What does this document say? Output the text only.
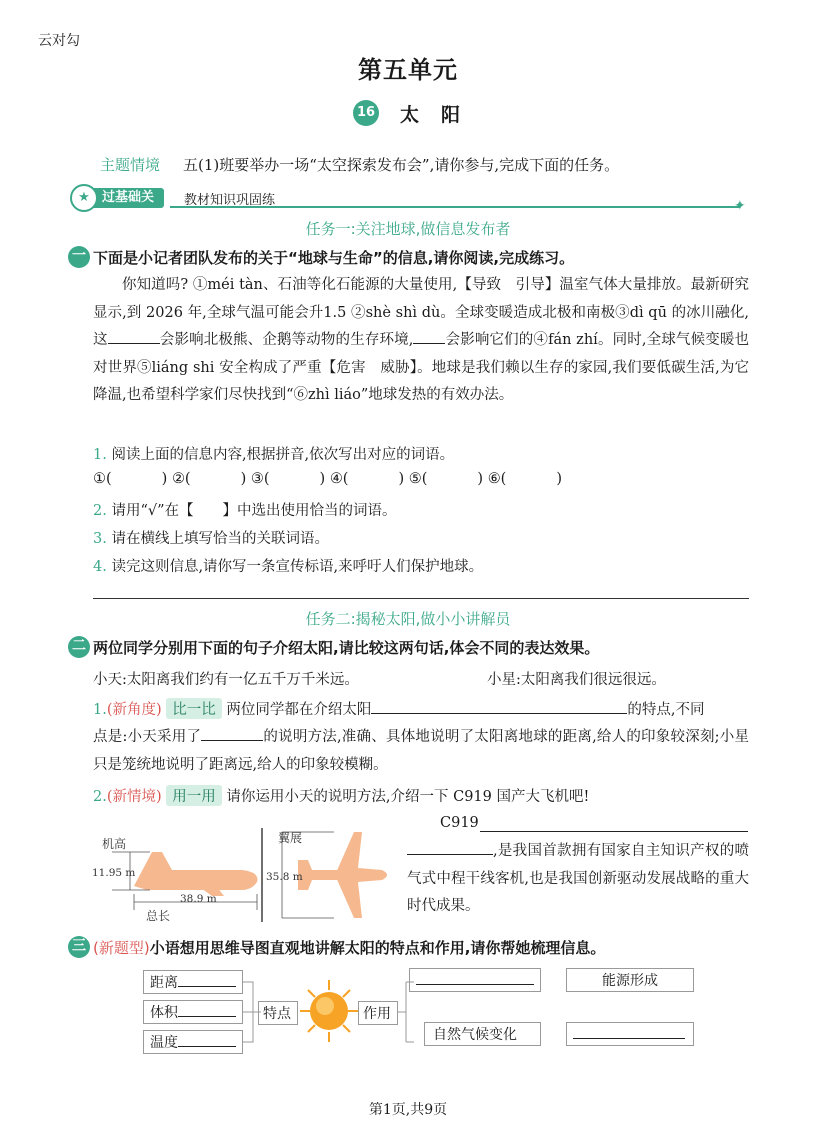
云对勾
第五单元
16 太阳
主题情境 五(1)班要举办一场“太空探索发布会”,请你参与,完成下面的任务。
过基础关
★	教材知识巩固练	✦
任务一:关注地球,做信息发布者
一 下面是小记者团队发布的关于“地球与生命”的信息,请你阅读,完成练习。

你知道吗? ①méi tàn、石油等化石能源的大量使用,【导致　引导】温室气体大量排放。最新研究显示,到 2026 年,全球气温可能会升1.5 ②shè shì dù。全球变暖造成北极和南极③dì qū 的冰川融化,这	会影响北极熊、企鹅等动物的生存环境, 会影响它们的④fán zhí。同时,全球气候变暖也对世界⑤liáng shi 安全构成了严重【危害　威胁】。地球是我们赖以生存的家园,我们要低碳生活,为它降温,也希望科学家们尽快找到“⑥zhì liáo”地球发热的有效办法。

1. 阅读上面的信息内容,根据拼音,依次写出对应的词语。
①(	) ②(	) ③(	) ④(	) ⑤(	) ⑥(	)
2. 请用“√”在【　　】中选出使用恰当的词语。
3. 请在横线上填写恰当的关联词语。
4. 读完这则信息,请你写一条宣传标语,来呼吁人们保护地球。
任务二:揭秘太阳,做小小讲解员
二 两位同学分别用下面的句子介绍太阳,请比较这两句话,体会不同的表达效果。
小天:太阳离我们约有一亿五千万千米远。	小星:太阳离我们很远很远。
1.(新角度) 比一比 两位同学都在介绍太阳	的特点,不同

点是:小天采用了	的说明方法,准确、具体地说明了太阳离地球的距离,给人的印象较深刻;小星只是笼统地说明了距离远,给人的印象较模糊。

2.(新情境) 用一用 请你运用小天的说明方法,介绍一下 C919 国产大飞机吧!
机高
11.95 m
38.9 m
总长
翼展
35.8 m
C919

,是我国首款拥有国家自主知识产权的喷气式中程干线客机,也是我国创新驱动发展战略的重大时代成果。

三 (新题型)小语想用思维导图直观地讲解太阳的特点和作用,请你帮她梳理信息。
距离
体积
温度
特点	作用
自然气候变化
能源形成
第1页,共9页
